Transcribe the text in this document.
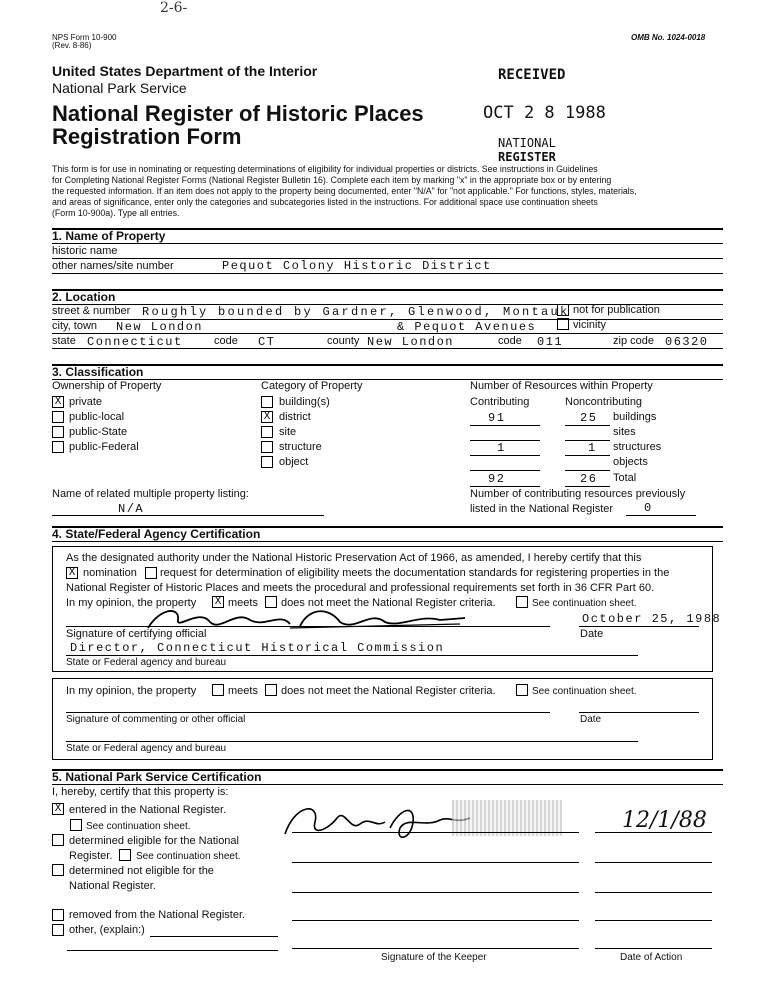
2-6-
NPS Form 10-900
(Rev. 8-86)
OMB No. 1024-0018
United States Department of the Interior
National Park Service
National Register of Historic Places
Registration Form
RECEIVED
OCT 2 8 1988
NATIONAL
REGISTER
This form is for use in nominating or requesting determinations of eligibility for individual properties or districts. See instructions in Guidelines
for Completing National Register Forms (National Register Bulletin 16). Complete each item by marking "x" in the appropriate box or by entering
the requested information. If an item does not apply to the property being documented, enter "N/A" for "not applicable." For functions, styles, materials,
and areas of significance, enter only the categories and subcategories listed in the instructions. For additional space use continuation sheets
(Form 10-900a). Type all entries.
1. Name of Property
historic name
other names/site number	Pequot Colony Historic District
2. Location
street & number Roughly bounded by Gardner, Glenwood, Montauk not for publication
city, town New London	& Pequot Avenues	vicinity
state Connecticut	code CT	county New London	code 011	zip code 06320
3. Classification
Ownership of Property	Category of Property	Number of Resources within Property
X private
public-local
public-State
public-Federal
building(s)
X district
site
structure
object
Contributing	Noncontributing
91	25 buildings
sites
1	1 structures
objects
92	26 Total
Name of related multiple property listing:
N/A
Number of contributing resources previously
listed in the National Register	0
4. State/Federal Agency Certification
As the designated authority under the National Historic Preservation Act of 1966, as amended, I hereby certify that this
X nomination request for determination of eligibility meets the documentation standards for registering properties in the
National Register of Historic Places and meets the procedural and professional requirements set forth in 36 CFR Part 60.
In my opinion, the property X meets does not meet the National Register criteria.	See continuation sheet.
October 25, 1988
Signature of certifying official	Date
Director, Connecticut Historical Commission
State or Federal agency and bureau
In my opinion, the property	meets does not meet the National Register criteria.	See continuation sheet.
Signature of commenting or other official	Date
State or Federal agency and bureau
5. National Park Service Certification
I, hereby, certify that this property is:
X entered in the National Register.
See continuation sheet.
determined eligible for the National
Register. See continuation sheet.
determined not eligible for the
National Register.
removed from the National Register.
other, (explain:)
12/1/88
Signature of the Keeper	Date of Action
